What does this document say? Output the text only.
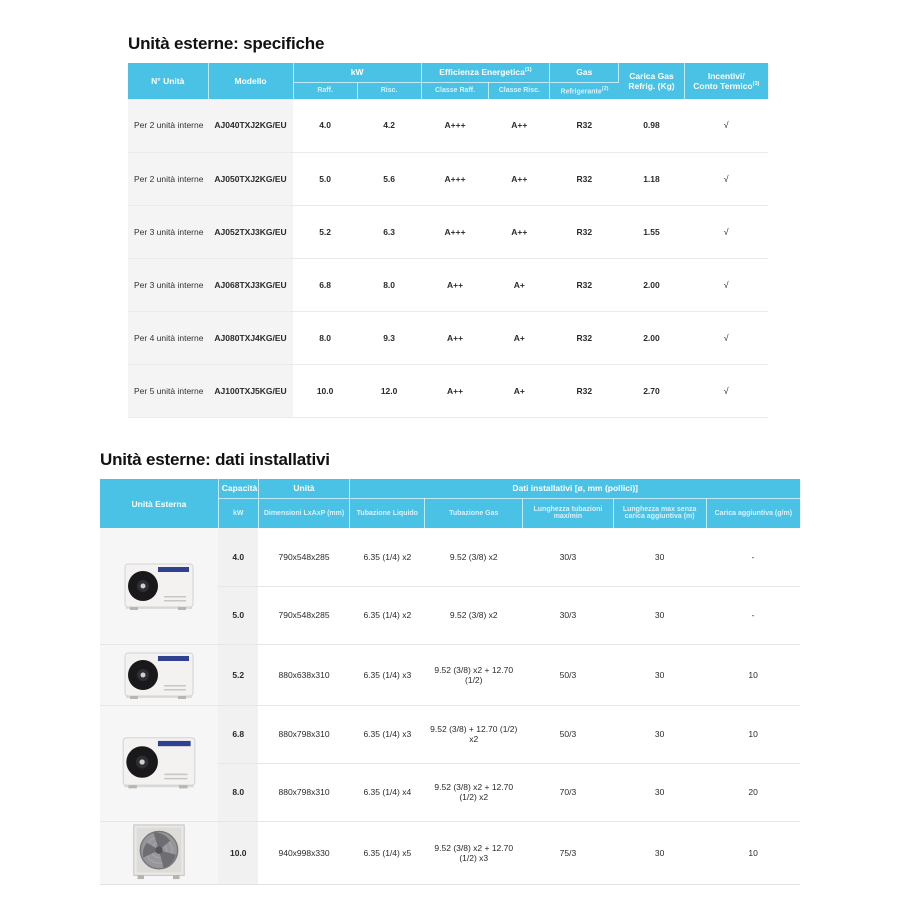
Unità esterne: specifiche
N° Unità	Modello	kW		Efficienza Energetica$^{(1)}$		Gas	Carica Gas Refrig. (Kg)	Incentivi/
Conto Termico$^{(3)}$

		Raff.	Risc.	Classe Raff.	Classe Risc.	Refrigerante$^{(2)}$
Per 2 unità interne	AJ040TXJ2KG/EU	4.0	4.2	A+++	A++	R32	0.98	√
Per 2 unità interne	AJ050TXJ2KG/EU	5.0	5.6	A+++	A++	R32	1.18	√
Per 3 unità interne	AJ052TXJ3KG/EU	5.2	6.3	A+++	A++	R32	1.55	√
Per 3 unità interne	AJ068TXJ3KG/EU	6.8	8.0	A++	A+	R32	2.00	√
Per 4 unità interne	AJ080TXJ4KG/EU	8.0	9.3	A++	A+	R32	2.00	√
Per 5 unità interne	AJ100TXJ5KG/EU	10.0	12.0	A++	A+	R32	2.70	√
Unità esterne: dati installativi
Unità Esterna	Capacità	Unità	Dati installativi [ø, mm (pollici)]				
	kW	Dimensioni LxAxP (mm)	Tubazione Liquido	Tubazione Gas	Lunghezza tubazioni max/min	Lunghezza max senza carica aggiuntiva (m)	Carica aggiuntiva (g/m)
	4.0	790x548x285	6.35 (1/4) x2	9.52 (3/8) x2	30/3	30	-
	5.0	790x548x285	6.35 (1/4) x2	9.52 (3/8) x2	30/3	30	-
	5.2	880x638x310	6.35 (1/4) x3	9.52 (3/8) x2 + 12.70 (1/2)	50/3	30	10
	6.8	880x798x310	6.35 (1/4) x3	9.52 (3/8) + 12.70 (1/2) x2	50/3	30	10
	8.0	880x798x310	6.35 (1/4) x4	9.52 (3/8) x2 + 12.70 (1/2) x2	70/3	30	20
	10.0	940x998x330	6.35 (1/4) x5	9.52 (3/8) x2 + 12.70 (1/2) x3	75/3	30	10
